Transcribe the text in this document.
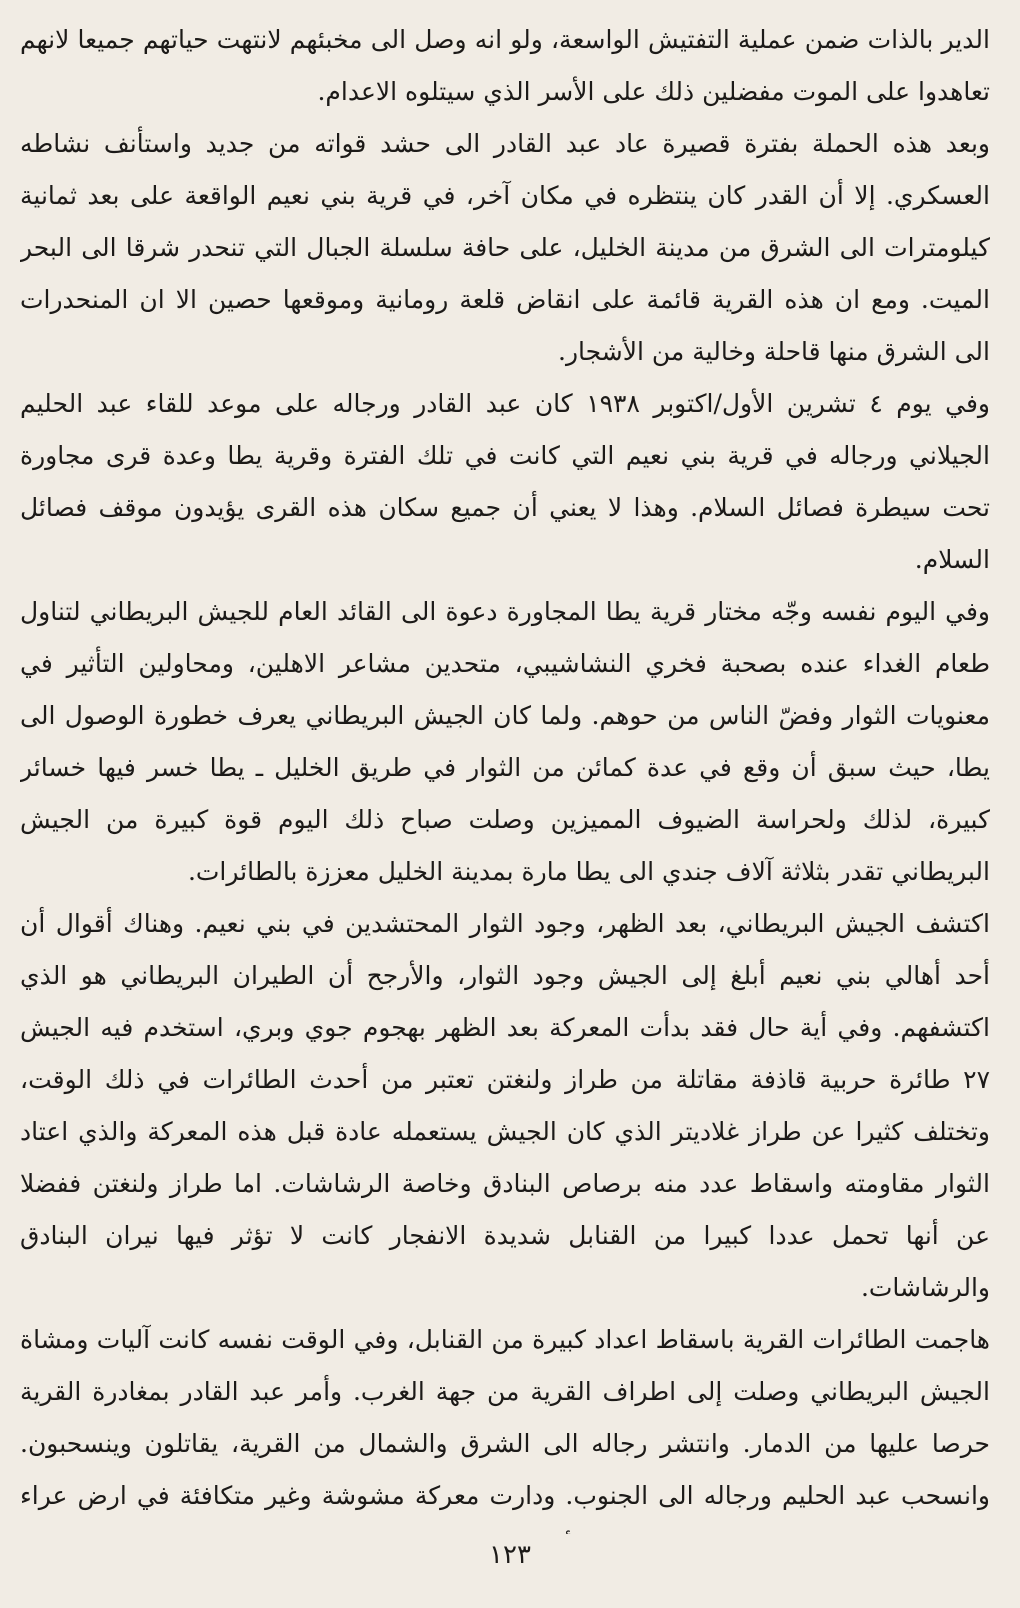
الدير بالذات ضمن عملية التفتيش الواسعة، ولو انه وصل الى مخبئهم لانتهت حياتهم جميعا لانهم تعاهدوا على الموت مفضلين ذلك على الأسر الذي سيتلوه الاعدام.

وبعد هذه الحملة بفترة قصيرة عاد عبد القادر الى حشد قواته من جديد واستأنف نشاطه العسكري. إلا أن القدر كان ينتظره في مكان آخر، في قرية بني نعيم الواقعة على بعد ثمانية كيلومترات الى الشرق من مدينة الخليل، على حافة سلسلة الجبال التي تنحدر شرقا الى البحر الميت. ومع ان هذه القرية قائمة على انقاض قلعة رومانية وموقعها حصين الا ان المنحدرات الى الشرق منها قاحلة وخالية من الأشجار.

وفي يوم ٤ تشرين الأول/اكتوبر ١٩٣٨ كان عبد القادر ورجاله على موعد للقاء عبد الحليم الجيلاني ورجاله في قرية بني نعيم التي كانت في تلك الفترة وقرية يطا وعدة قرى مجاورة تحت سيطرة فصائل السلام. وهذا لا يعني أن جميع سكان هذه القرى يؤيدون موقف فصائل السلام.

وفي اليوم نفسه وجّه مختار قرية يطا المجاورة دعوة الى القائد العام للجيش البريطاني لتناول طعام الغداء عنده بصحبة فخري النشاشيبي، متحدين مشاعر الاهلين، ومحاولين التأثير في معنويات الثوار وفضّ الناس من حوهم. ولما كان الجيش البريطاني يعرف خطورة الوصول الى يطا، حيث سبق أن وقع في عدة كمائن من الثوار في طريق الخليل ـ يطا خسر فيها خسائر كبيرة، لذلك ولحراسة الضيوف المميزين وصلت صباح ذلك اليوم قوة كبيرة من الجيش البريطاني تقدر بثلاثة آلاف جندي الى يطا مارة بمدينة الخليل معززة بالطائرات.

اكتشف الجيش البريطاني، بعد الظهر، وجود الثوار المحتشدين في بني نعيم. وهناك أقوال أن أحد أهالي بني نعيم أبلغ إلى الجيش وجود الثوار، والأرجح أن الطيران البريطاني هو الذي اكتشفهم. وفي أية حال فقد بدأت المعركة بعد الظهر بهجوم جوي وبري، استخدم فيه الجيش ٢٧ طائرة حربية قاذفة مقاتلة من طراز ولنغتن تعتبر من أحدث الطائرات في ذلك الوقت، وتختلف كثيرا عن طراز غلاديتر الذي كان الجيش يستعمله عادة قبل هذه المعركة والذي اعتاد الثوار مقاومته واسقاط عدد منه برصاص البنادق وخاصة الرشاشات. اما طراز ولنغتن ففضلا عن أنها تحمل عددا كبيرا من القنابل شديدة الانفجار كانت لا تؤثر فيها نيران البنادق والرشاشات.

هاجمت الطائرات القرية باسقاط اعداد كبيرة من القنابل، وفي الوقت نفسه كانت آليات ومشاة الجيش البريطاني وصلت إلى اطراف القرية من جهة الغرب. وأمر عبد القادر بمغادرة القرية حرصا عليها من الدمار. وانتشر رجاله الى الشرق والشمال من القرية، يقاتلون وينسحبون. وانسحب عبد الحليم ورجاله الى الجنوب. ودارت معركة مشوشة وغير متكافئة في ارض عراء

١٢٣
